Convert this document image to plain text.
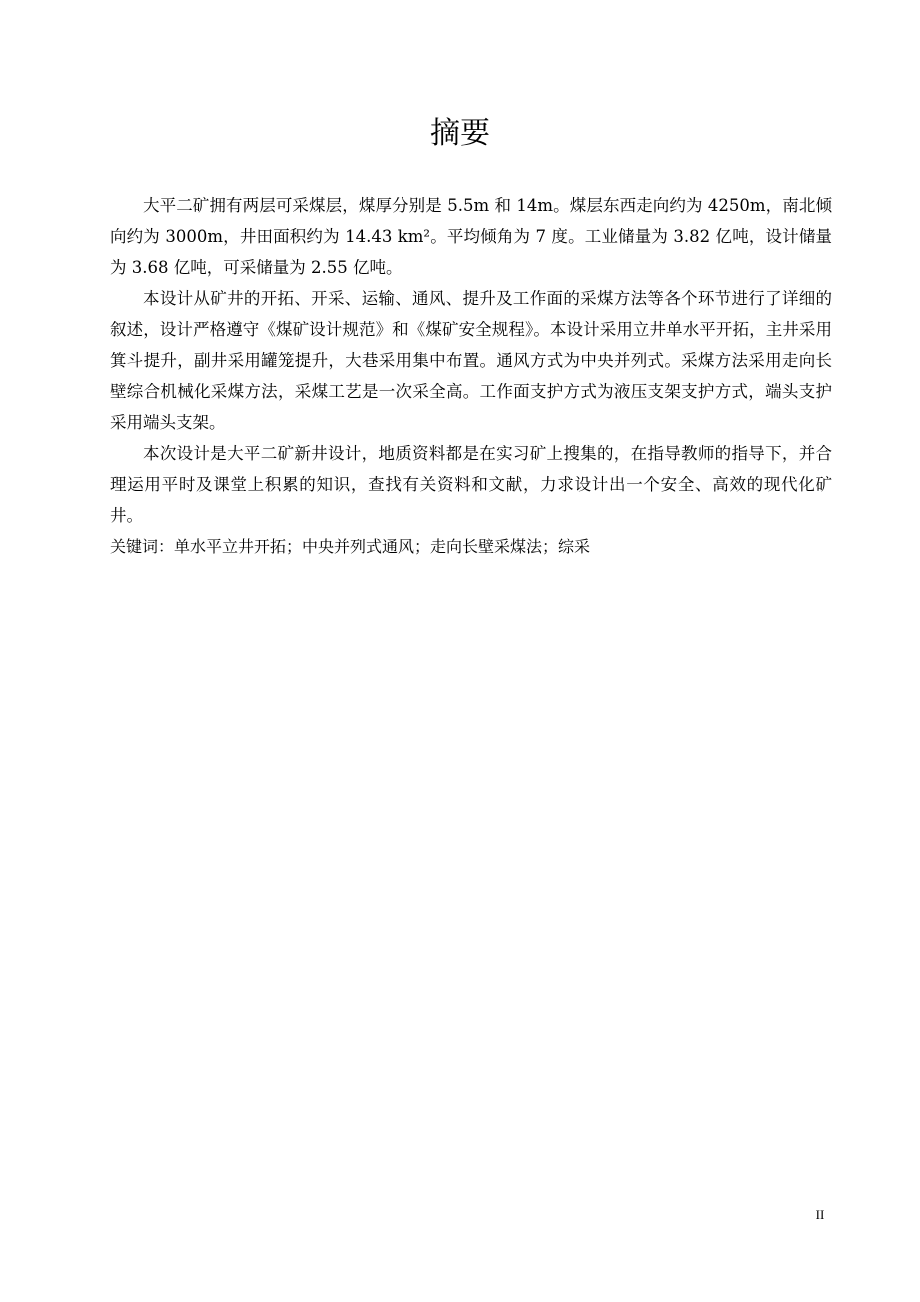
摘要

大平二矿拥有两层可采煤层，煤厚分别是 5.5m 和 14m。煤层东西走向约为 4250m，南北倾向约为 3000m，井田面积约为 14.43 km²。平均倾角为 7 度。工业储量为 3.82 亿吨，设计储量为 3.68 亿吨，可采储量为 2.55 亿吨。

本设计从矿井的开拓、开采、运输、通风、提升及工作面的采煤方法等各个环节进行了详细的叙述，设计严格遵守《煤矿设计规范》和《煤矿安全规程》。本设计采用立井单水平开拓，主井采用箕斗提升，副井采用罐笼提升，大巷采用集中布置。通风方式为中央并列式。采煤方法采用走向长壁综合机械化采煤方法，采煤工艺是一次采全高。工作面支护方式为液压支架支护方式，端头支护采用端头支架。

本次设计是大平二矿新井设计，地质资料都是在实习矿上搜集的，在指导教师的指导下，并合理运用平时及课堂上积累的知识，查找有关资料和文献，力求设计出一个安全、高效的现代化矿井。

关键词：单水平立井开拓；中央并列式通风；走向长壁采煤法；综采

II
